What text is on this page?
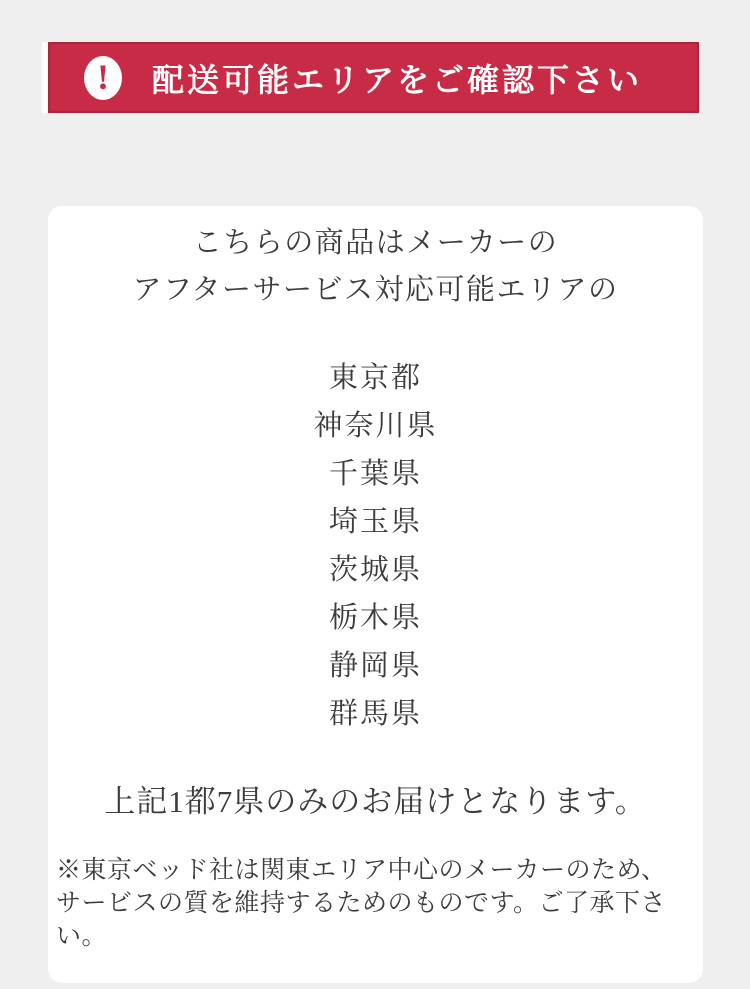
! 配送可能エリアをご確認下さい
こちらの商品はメーカーの
アフターサービス対応可能エリアの
東京都
神奈川県
千葉県
埼玉県
茨城県
栃木県
静岡県
群馬県
上記1都7県のみのお届けとなります。
※東京ベッド社は関東エリア中心のメーカーのため、
サービスの質を維持するためのものです。ご了承下さい。
